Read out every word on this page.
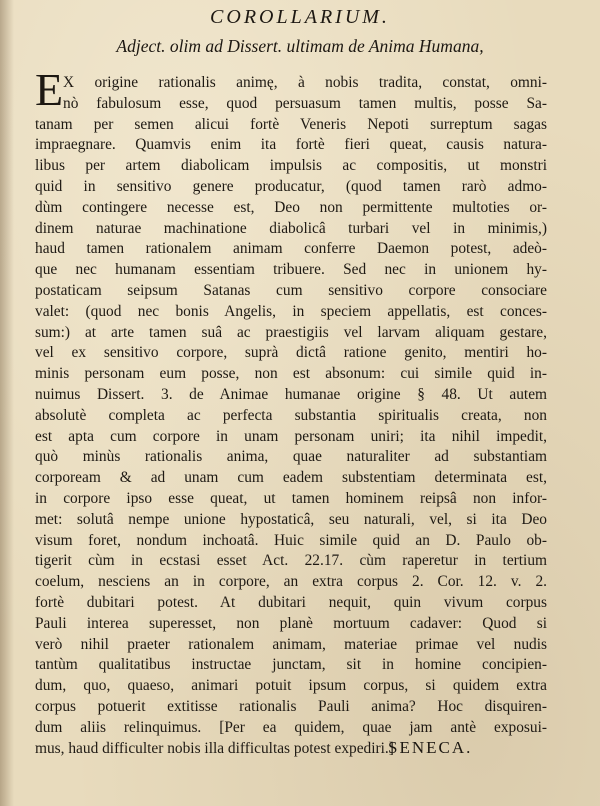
COROLLARIUM.
Adject. olim ad Dissert. ultimam de Anima Humana,
E X origine rationalis animę, à nobis tradita, constat, omni-
nò fabulosum esse, quod persuasum tamen multis, posse Sa-
tanam per semen alicui fortè Veneris Nepoti surreptum sagas
impraegnare. Quamvis enim ita fortè fieri queat, causis natura-
libus per artem diabolicam impulsis ac compositis, ut monstri
quid in sensitivo genere producatur, (quod tamen rarò admo-
dùm contingere necesse est, Deo non permittente multoties or-
dinem naturae machinatione diabolicâ turbari vel in minimis,)
haud tamen rationalem animam conferre Daemon potest, adeò-
que nec humanam essentiam tribuere. Sed nec in unionem hy-
postaticam seipsum Satanas cum sensitivo corpore consociare
valet: (quod nec bonis Angelis, in speciem appellatis, est conces-
sum:) at arte tamen suâ ac praestigiis vel larvam aliquam gestare,
vel ex sensitivo corpore, suprà dictâ ratione genito, mentiri ho-
minis personam eum posse, non est absonum: cui simile quid in-
nuimus Dissert. 3. de Animae humanae origine § 48. Ut autem
absolutè completa ac perfecta substantia spiritualis creata, non
est apta cum corpore in unam personam uniri; ita nihil impedit,
quò minùs rationalis anima, quae naturaliter ad substantiam
corpoream & ad unam cum eadem substentiam determinata est,
in corpore ipso esse queat, ut tamen hominem reipsâ non infor-
met: solutâ nempe unione hypostaticâ, seu naturali, vel, si ita Deo
visum foret, nondum inchoatâ. Huic simile quid an D. Paulo ob-
tigerit cùm in ecstasi esset Act. 22.17. cùm raperetur in tertium
coelum, nesciens an in corpore, an extra corpus 2. Cor. 12. v. 2.
fortè dubitari potest. At dubitari nequit, quin vivum corpus
Pauli interea superesset, non planè mortuum cadaver: Quod si
verò nihil praeter rationalem animam, materiae primae vel nudis
tantùm qualitatibus instructae junctam, sit in homine concipien-
dum, quo, quaeso, animari potuit ipsum corpus, si quidem extra
corpus potuerit extitisse rationalis Pauli anima? Hoc disquiren-
dum aliis relinquimus. [Per ea quidem, quae jam antè exposui-
mus, haud difficulter nobis illa difficultas potest expediri.]
SENECA.
